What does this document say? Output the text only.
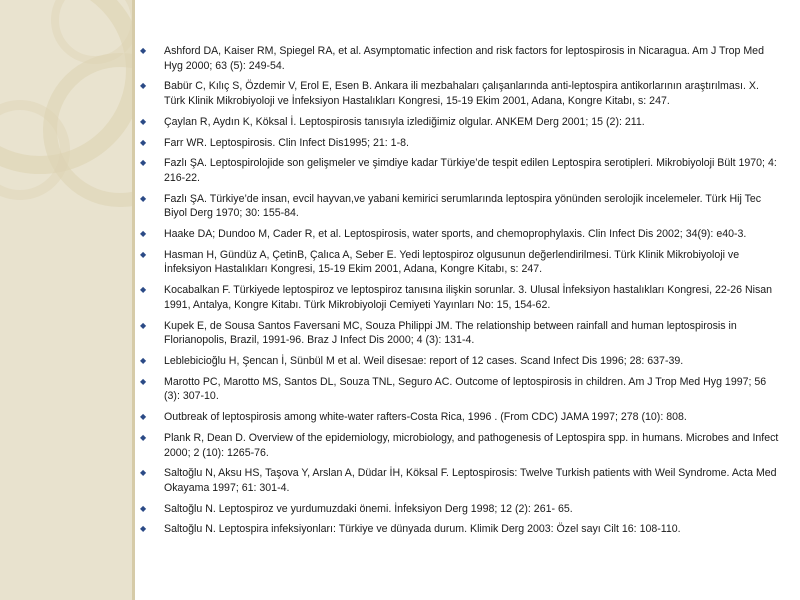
◆ Ashford DA, Kaiser RM, Spiegel RA, et al. Asymptomatic infection and risk factors for leptospirosis in Nicaragua. Am J Trop Med Hyg 2000; 63 (5): 249-54.
◆ Babür C, Kılıç S, Özdemir V, Erol E, Esen B. Ankara ili mezbahaları çalışanlarında anti-leptospira antikorlarının araştırılması. X. Türk Klinik Mikrobiyoloji ve İnfeksiyon Hastalıkları Kongresi, 15-19 Ekim 2001, Adana, Kongre Kitabı, s: 247.
◆ Çaylan R, Aydın K, Köksal İ. Leptospirosis tanısıyla izlediğimiz olgular. ANKEM Derg 2001; 15 (2): 211.
◆ Farr WR. Leptospirosis. Clin Infect Dis1995; 21: 1-8.
◆ Fazlı ŞA. Leptospirolojide son gelişmeler ve şimdiye kadar Türkiye’de tespit edilen Leptospira serotipleri. Mikrobiyoloji Bült 1970; 4: 216-22.
◆ Fazlı ŞA. Türkiye’de insan, evcil hayvan,ve yabani kemirici serumlarında leptospira yönünden serolojik incelemeler. Türk Hij Tec Biyol Derg 1970; 30: 155-84.
◆ Haake DA; Dundoo M, Cader R, et al. Leptospirosis, water sports, and chemoprophylaxis. Clin Infect Dis 2002; 34(9): e40-3.
◆ Hasman H, Gündüz A, ÇetinB, Çalıca A, Seber E. Yedi leptospiroz olgusunun değerlendirilmesi. Türk Klinik Mikrobiyoloji ve İnfeksiyon Hastalıkları Kongresi, 15-19 Ekim 2001, Adana, Kongre Kitabı, s: 247.
◆ Kocabalkan F. Türkiyede leptospiroz ve leptospiroz tanısına ilişkin sorunlar. 3. Ulusal İnfeksiyon hastalıkları Kongresi, 22-26 Nisan 1991, Antalya, Kongre Kitabı. Türk Mikrobiyoloji Cemiyeti Yayınları No: 15, 154-62.
◆ Kupek E, de Sousa Santos Faversani MC, Souza Philippi JM. The relationship between rainfall and human leptospirosis in Florianopolis, Brazil, 1991-96. Braz J Infect Dis 2000; 4 (3): 131-4.
◆ Leblebicioğlu H, Şencan İ, Sünbül M et al. Weil disesae: report of 12 cases. Scand Infect Dis 1996; 28: 637-39.
◆ Marotto PC, Marotto MS, Santos DL, Souza TNL, Seguro AC. Outcome of leptospirosis in children. Am J Trop Med Hyg 1997; 56 (3): 307-10.
◆ Outbreak of leptospirosis among white-water rafters-Costa Rica, 1996 . (From CDC) JAMA 1997; 278 (10): 808.
◆ Plank R, Dean D. Overview of the epidemiology, microbiology, and pathogenesis of Leptospira spp. in humans. Microbes and Infect 2000; 2 (10): 1265-76.
◆ Saltoğlu N, Aksu HS, Taşova Y, Arslan A, Düdar İH, Köksal F. Leptospirosis: Twelve Turkish patients with Weil Syndrome. Acta Med Okayama 1997; 61: 301-4.
◆ Saltoğlu N. Leptospiroz ve yurdumuzdaki önemi. İnfeksiyon Derg 1998; 12 (2): 261- 65.
◆ Saltoğlu N. Leptospira infeksiyonları: Türkiye ve dünyada durum. Klimik Derg 2003: Özel sayı Cilt 16: 108-110.
